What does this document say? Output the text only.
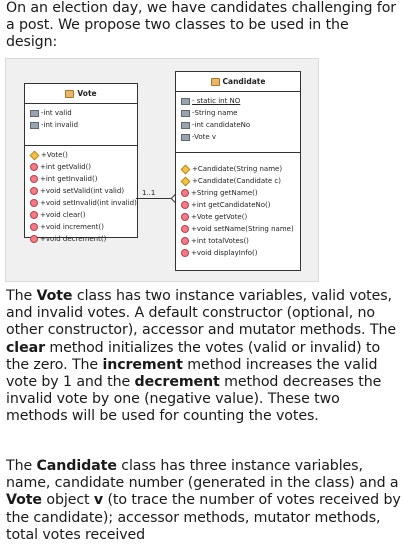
On an election day, we have candidates challenging for a post. We propose two classes to be used in the design:

Vote
-int valid
-int invalid
+Vote()
+int getValid()
+int getInvalid()
+void setValid(int valid)
+void setInvalid(int invalid)
+void clear()
+void increment()
+void decrement()
1..1
Candidate
- static int NO
-String name
-int candidateNo
-Vote v
+Candidate(String name)
+Candidate(Candidate c)
+String getName()
+int getCandidateNo()
+Vote getVote()
+void setName(String name)
+int totalVotes()
+void displayInfo()

The Vote class has two instance variables, valid votes, and invalid votes. A default constructor (optional, no other constructor), accessor and mutator methods. The clear method initializes the votes (valid or invalid) to the zero. The increment method increases the valid vote by 1 and the decrement method decreases the invalid vote by one (negative value). These two methods will be used for counting the votes.

The Candidate class has three instance variables, name, candidate number (generated in the class) and a Vote object v (to trace the number of votes received by the candidate); accessor methods, mutator methods, total votes received
